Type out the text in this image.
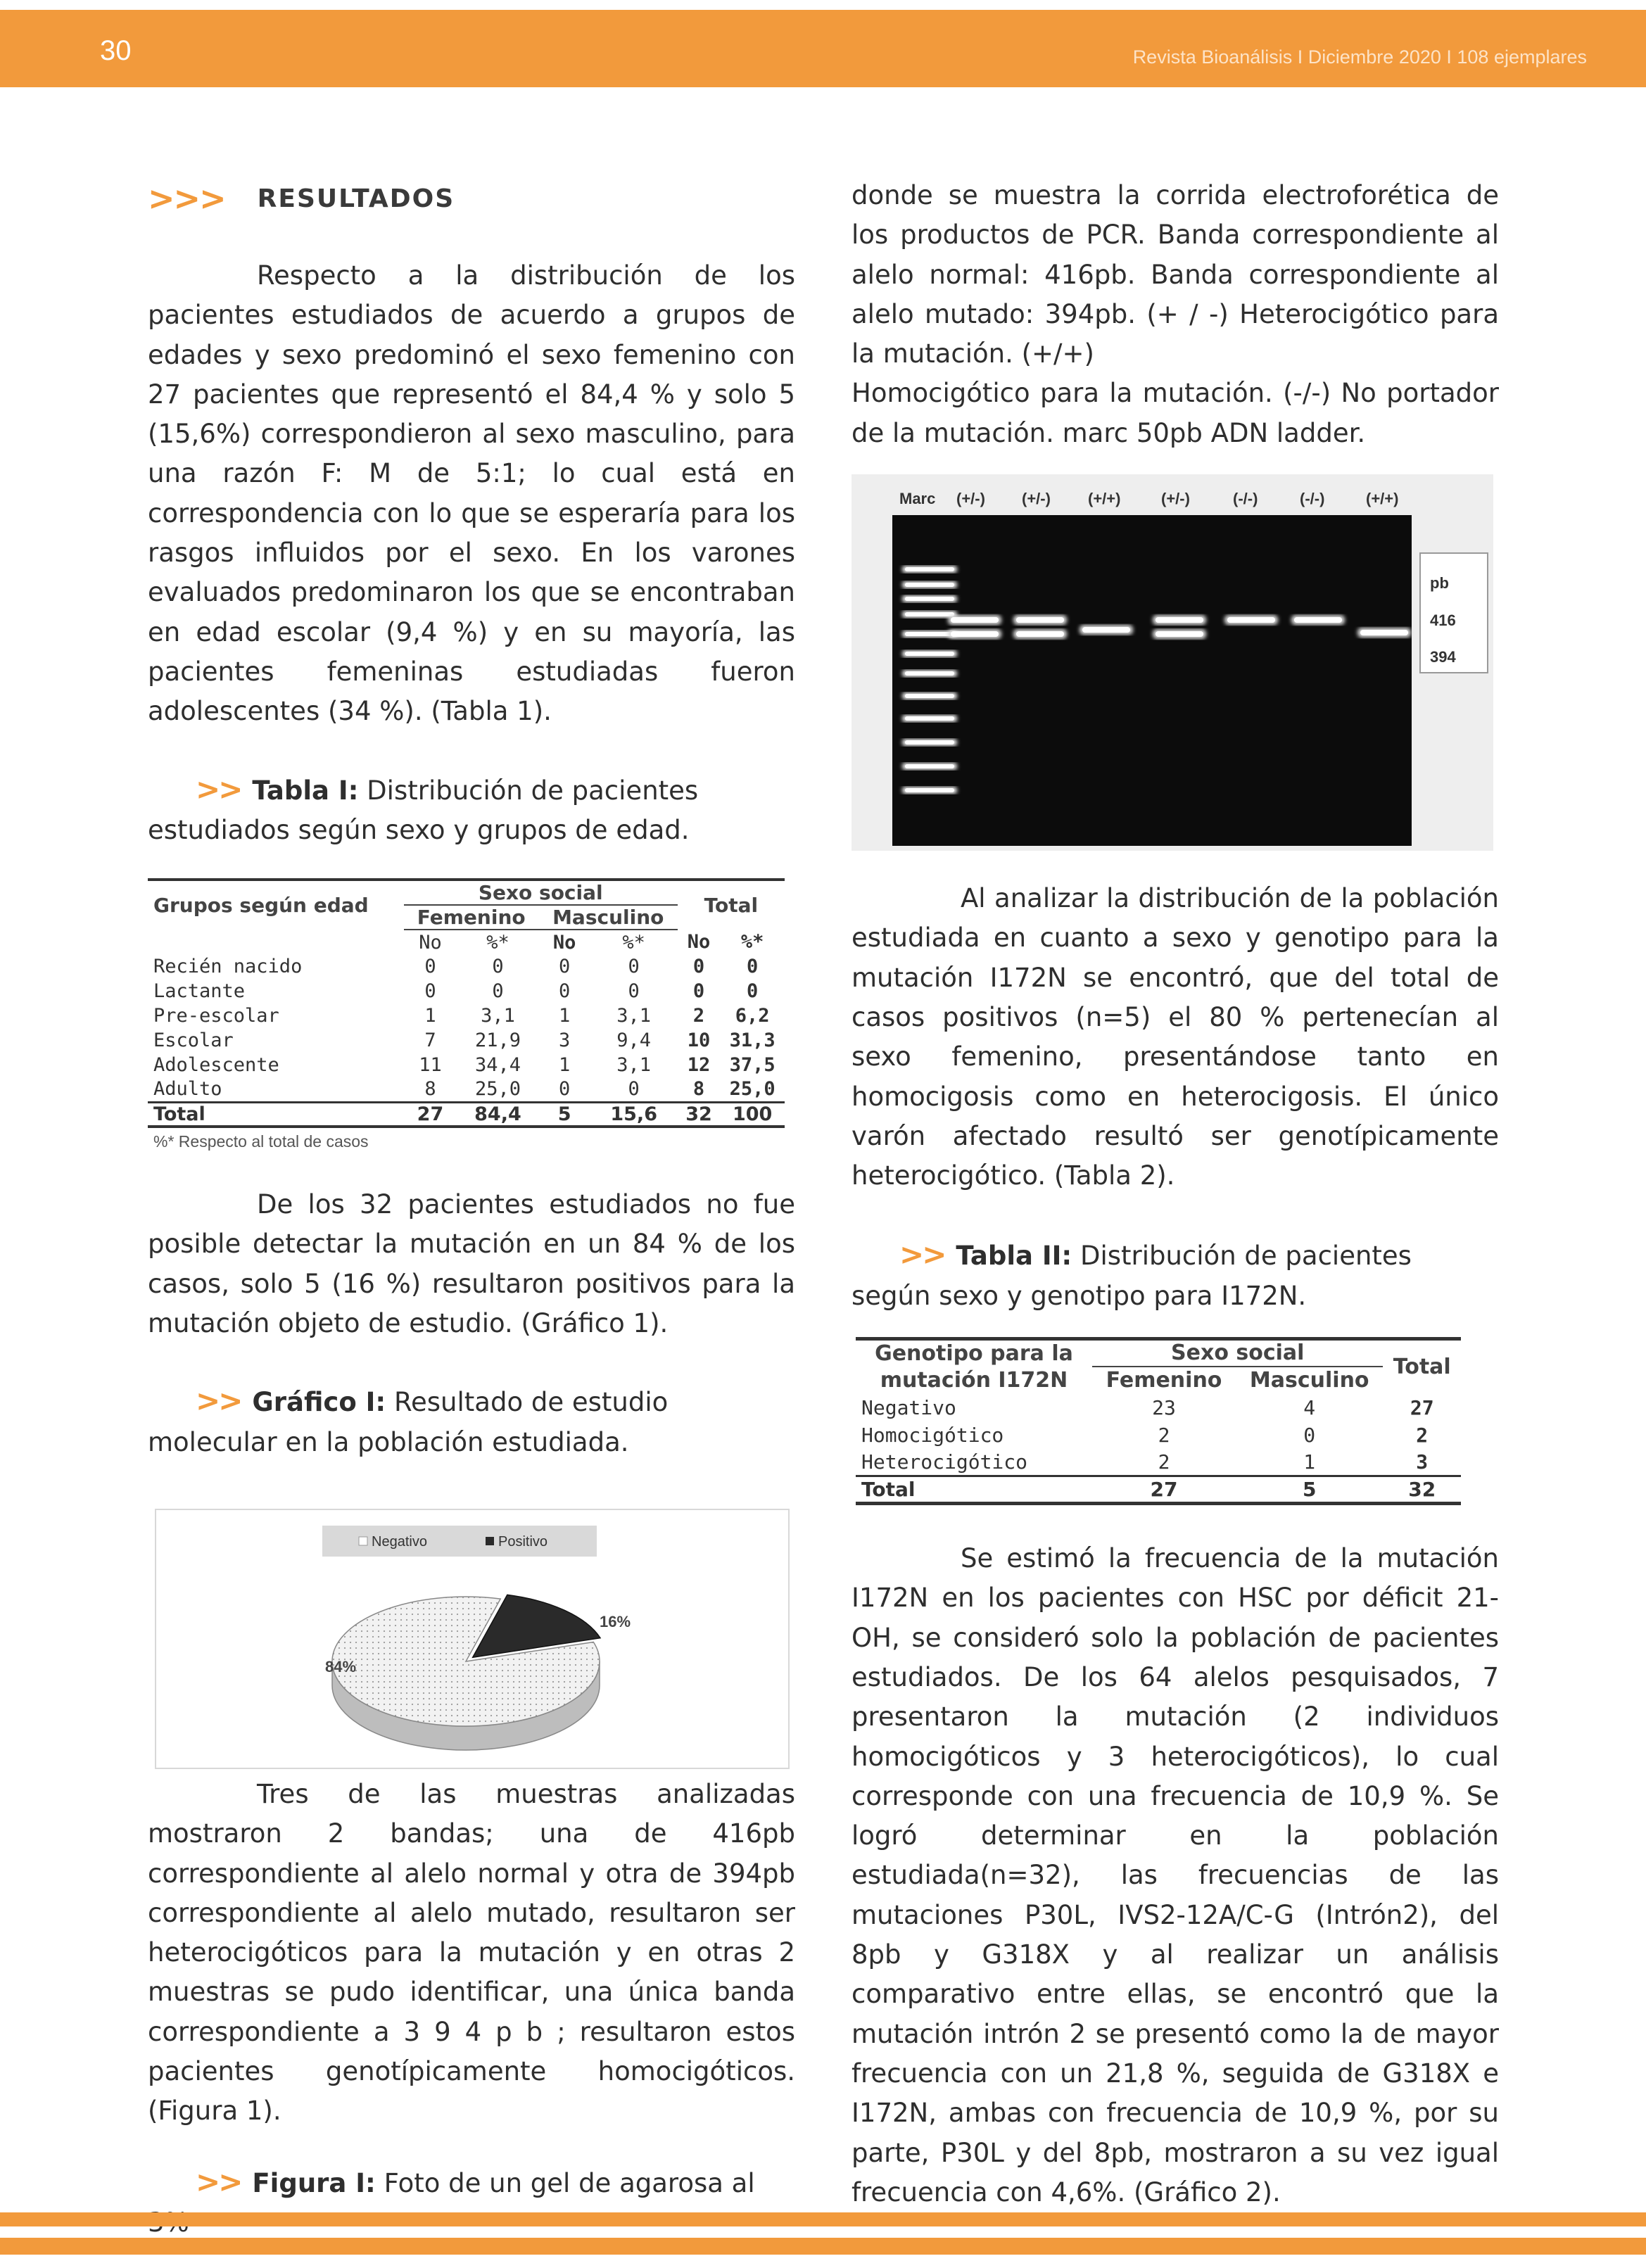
30	Revista Bioanálisis I Diciembre 2020 I 108 ejemplares
>>> RESULTADOS

Respecto a la distribución de los pacientes estudiados de acuerdo a grupos de edades y sexo predominó el sexo femenino con 27 pacientes que representó el 84,4 % y solo 5 (15,6%) correspondieron al sexo masculino, para una razón F: M de 5:1; lo cual está en correspondencia con lo que se esperaría para los rasgos influidos por el sexo. En los varones evaluados predominaron los que se encontraban en edad escolar (9,4 %) y en su mayoría, las pacientes femeninas estudiadas fueron adolescentes (34 %). (Tabla 1).

>> Tabla I: Distribución de pacientes estudiados según sexo y grupos de edad.

Grupos según edad	Sexo social				Total	
	Femenino		Masculino			
	No	%*	No	%*	No	%*
Recién nacido	0	0	0	0	0	0
Lactante	0	0	0	0	0	0
Pre-escolar	1	3,1	1	3,1	2	6,2
Escolar	7	21,9	3	9,4	10	31,3
Adolescente	11	34,4	1	3,1	12	37,5
Adulto	8	25,0	0	0	8	25,0
Total	27	84,4	5	15,6	32	100
%* Respecto al total de casos

De los 32 pacientes estudiados no fue posible detectar la mutación en un 84 % de los casos, solo 5 (16 %) resultaron positivos para la mutación objeto de estudio. (Gráfico 1).

>> Gráfico I: Resultado de estudio molecular en la población estudiada.

Negativo	Positivo
84%
16%

Tres de las muestras analizadas mostraron 2 bandas; una de 416pb correspondiente al alelo normal y otra de 394pb correspondiente al alelo mutado, resultaron ser heterocigóticos para la mutación y en otras 2 muestras se pudo identificar, una única banda correspondiente a 3 9 4 p b ; resultaron estos pacientes genotípicamente homocigóticos. (Figura 1).

>> Figura I: Foto de un gel de agarosa al

donde se muestra la corrida electroforética de los productos de PCR. Banda correspondiente al alelo normal: 416pb. Banda correspondiente al alelo mutado: 394pb. (+ / -) Heterocigótico para la mutación. (+/+)

Homocigótico para la mutación. (-/-) No portador de la mutación. marc 50pb ADN ladder.

Marc (+/-) (+/-) (+/+)	(+/-)	(-/-)	(-/-)	(+/+)
pb
416
394

Al analizar la distribución de la población estudiada en cuanto a sexo y genotipo para la mutación I172N se encontró, que del total de casos positivos (n=5) el 80 % pertenecían al sexo femenino, presentándose tanto en homocigosis como en heterocigosis. El único varón afectado resultó ser genotípicamente heterocigótico. (Tabla 2).

>> Tabla II: Distribución de pacientes según sexo y genotipo para I172N.

Genotipo para la	Sexo social		Total
mutación I172N	Femenino	Masculino	
Negativo	23	4	27
Homocigótico	2	0	2
Heterocigótico	2	1	3
Total	27	5	32

Se estimó la frecuencia de la mutación I172N en los pacientes con HSC por déficit 21-OH, se consideró solo la población de pacientes estudiados. De los 64 alelos pesquisados, 7 presentaron la mutación (2 individuos homocigóticos y 3 heterocigóticos), lo cual corresponde con una frecuencia de 10,9 %. Se logró determinar en la población estudiada(n=32), las frecuencias de las mutaciones P30L, IVS2-12A/C-G (Intrón2), del 8pb y G318X y al realizar un análisis comparativo entre ellas, se encontró que la mutación intrón 2 se presentó como la de mayor frecuencia con un 21,8 %, seguida de G318X e I172N, ambas con frecuencia de 10,9 %, por su parte, P30L y del 8pb, mostraron a su vez igual frecuencia con 4,6%. (Gráfico 2).
